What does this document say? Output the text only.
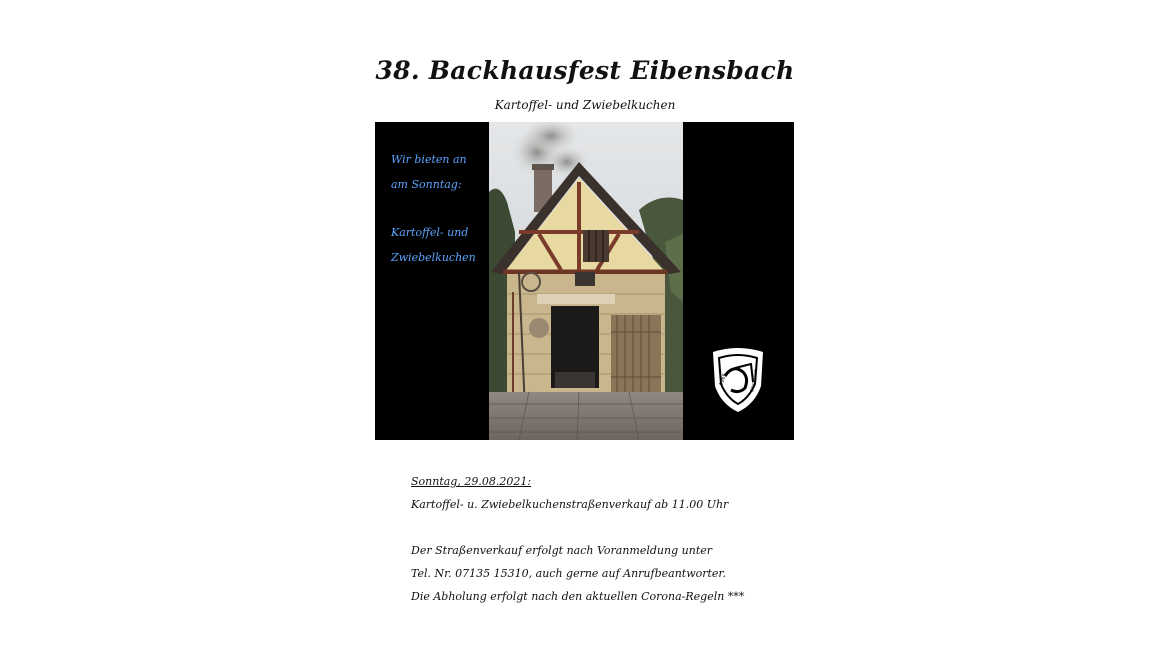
38. Backhausfest Eibensbach
Kartoffel- und Zwiebelkuchen
Wir bieten an
am Sonntag:
Kartoffel- und
Zwiebelkuchen
1965	Eibensbach
Sonntag, 29.08.2021:
Kartoffel- u. Zwiebelkuchenstraßenverkauf ab 11.00 Uhr
Der Straßenverkauf erfolgt nach Voranmeldung unter
Tel. Nr. 07135 15310, auch gerne auf Anrufbeantworter.
Die Abholung erfolgt nach den aktuellen Corona-Regeln ***
